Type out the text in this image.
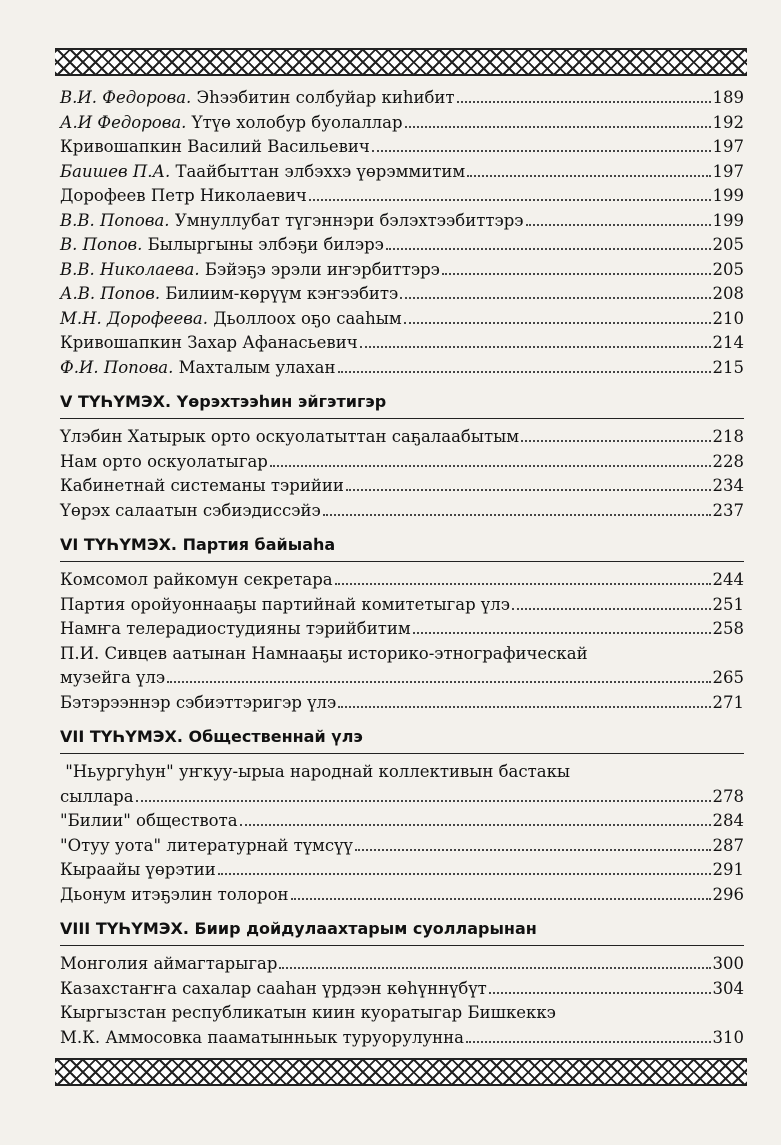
В.И. Федорова. Эһээбитин солбуйар киһибит	189
А.И Федорова. Үтүө холобур буолаллар	192
Кривошапкин Василий Васильевич	197
Баишев П.А. Таайбыттан элбэххэ үөрэммитим	197
Дорофеев Петр Николаевич	199
В.В. Попова. Умнуллубат түгэннэри бэлэхтээбиттэрэ	199
В. Попов. Былыргыны элбэҕи билэрэ	205
В.В. Николаева. Бэйэҕэ эрэли иҥэрбиттэрэ	205
А.В. Попов. Билиим-көрүүм кэҥээбитэ	208
М.Н. Дорофеева. Дьоллоох оҕо сааһым	210
Кривошапкин Захар Афанасьевич	214
Ф.И. Попова. Махталым улахан	215
V ТҮҺҮМЭХ. Үөрэхтээһин эйгэтигэр
Үлэбин Хатырык орто оскуолатыттан саҕалаабытым	218
Нам орто оскуолатыгар	228
Кабинетнай системаны тэрийии	234
Үөрэх салаатын сэбиэдиссэйэ	237
VI ТҮҺҮМЭХ. Партия байыаһа
Комсомол райкомун секретара	244
Партия оройуоннааҕы партийнай комитетыгар үлэ	251
Намҥа телерадиостудияны тэрийбитим	258
П.И. Сивцев аатынан Намнааҕы историко-этнографическай
музейга үлэ	265
Бэтэрээннэр сэбиэттэригэр үлэ	271
VII ТҮҺҮМЭХ. Общественнай үлэ
"Ньургуһун" уҥкуу-ырыа народнай коллективын бастакы
сыллара	278
"Билии" обществота	284
"Отуу уота" литературнай түмсүү	287
Кыраайы үөрэтии	291
Дьонум итэҕэлин толорон	296
VIII ТҮҺҮМЭХ. Биир дойдулаахтарым суолларынан
Монголия аймагтарыгар	300
Казахстаҥҥа сахалар сааһан үрдээн көһүннүбүт	304
Кыргызстан республикатын киин куоратыгар Бишкеккэ
М.К. Аммосовка пааматынньык туруорулунна	310
